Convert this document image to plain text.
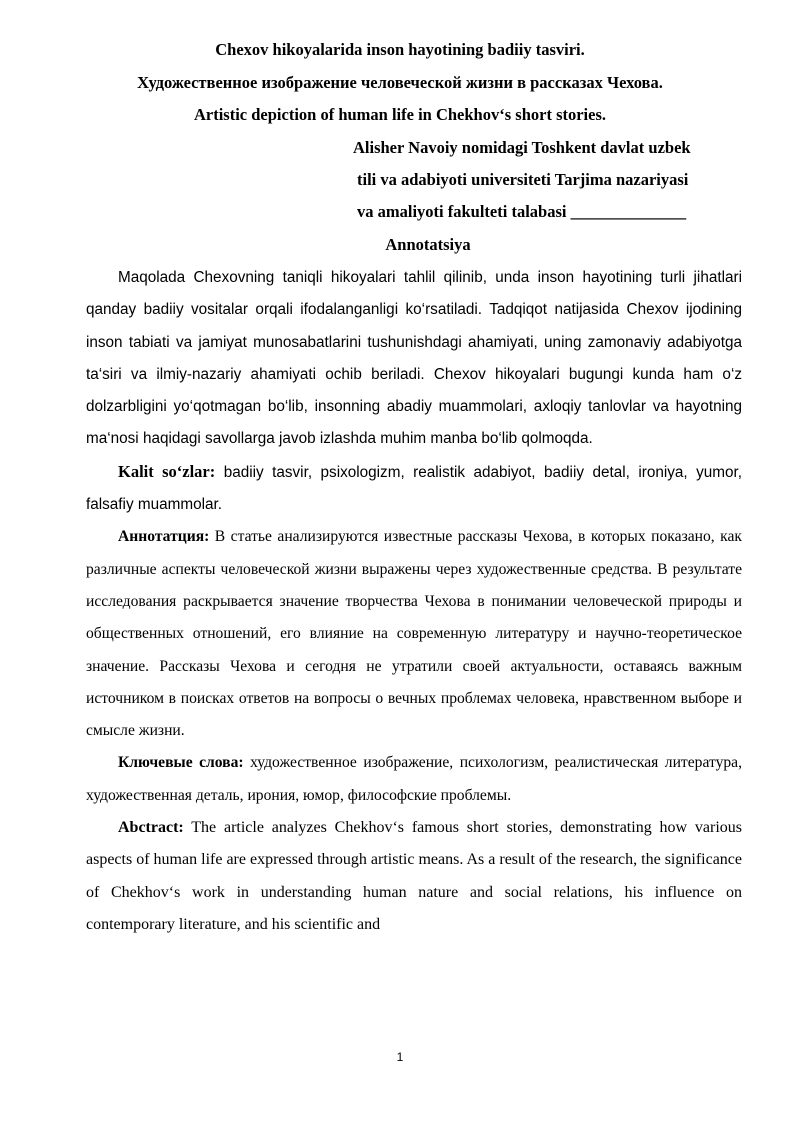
Chexov hikoyalarida inson hayotining badiiy tasviri.
Художественное изображение человеческой жизни в рассказах Чехова.
Artistic depiction of human life in Chekhov‘s short stories.
Alisher Navoiy nomidagi Toshkent davlat uzbek
tili va adabiyoti universiteti Tarjima nazariyasi
va amaliyoti fakulteti talabasi ______________
Annotatsiya

Maqolada Chexovning taniqli hikoyalari tahlil qilinib, unda inson hayotining turli jihatlari qanday badiiy vositalar orqali ifodalanganligi ko‘rsatiladi. Tadqiqot natijasida Chexov ijodining inson tabiati va jamiyat munosabatlarini tushunishdagi ahamiyati, uning zamonaviy adabiyotga ta‘siri va ilmiy-nazariy ahamiyati ochib beriladi. Chexov hikoyalari bugungi kunda ham o‘z dolzarbligini yo‘qotmagan bo‘lib, insonning abadiy muammolari, axloqiy tanlovlar va hayotning ma‘nosi haqidagi savollarga javob izlashda muhim manba bo‘lib qolmoqda.

Kalit so‘zlar: badiiy tasvir, psixologizm, realistik adabiyot, badiiy detal, ironiya, yumor, falsafiy muammolar.

Аннотатция: В статье анализируются известные рассказы Чехова, в которых показано, как различные аспекты человеческой жизни выражены через художественные средства. В результате исследования раскрывается значение творчества Чехова в понимании человеческой природы и общественных отношений, его влияние на современную литературу и научно-теоретическое значение. Рассказы Чехова и сегодня не утратили своей актуальности, оставаясь важным источником в поисках ответов на вопросы о вечных проблемах человека, нравственном выборе и смысле жизни.

Ключевые слова: художественное изображение, психологизм, реалистическая литература, художественная деталь, ирония, юмор, философские проблемы.

Abctract: The article analyzes Chekhov‘s famous short stories, demonstrating how various aspects of human life are expressed through artistic means. As a result of the research, the significance of Chekhov‘s work in understanding human nature and social relations, his influence on contemporary literature, and his scientific and

1
